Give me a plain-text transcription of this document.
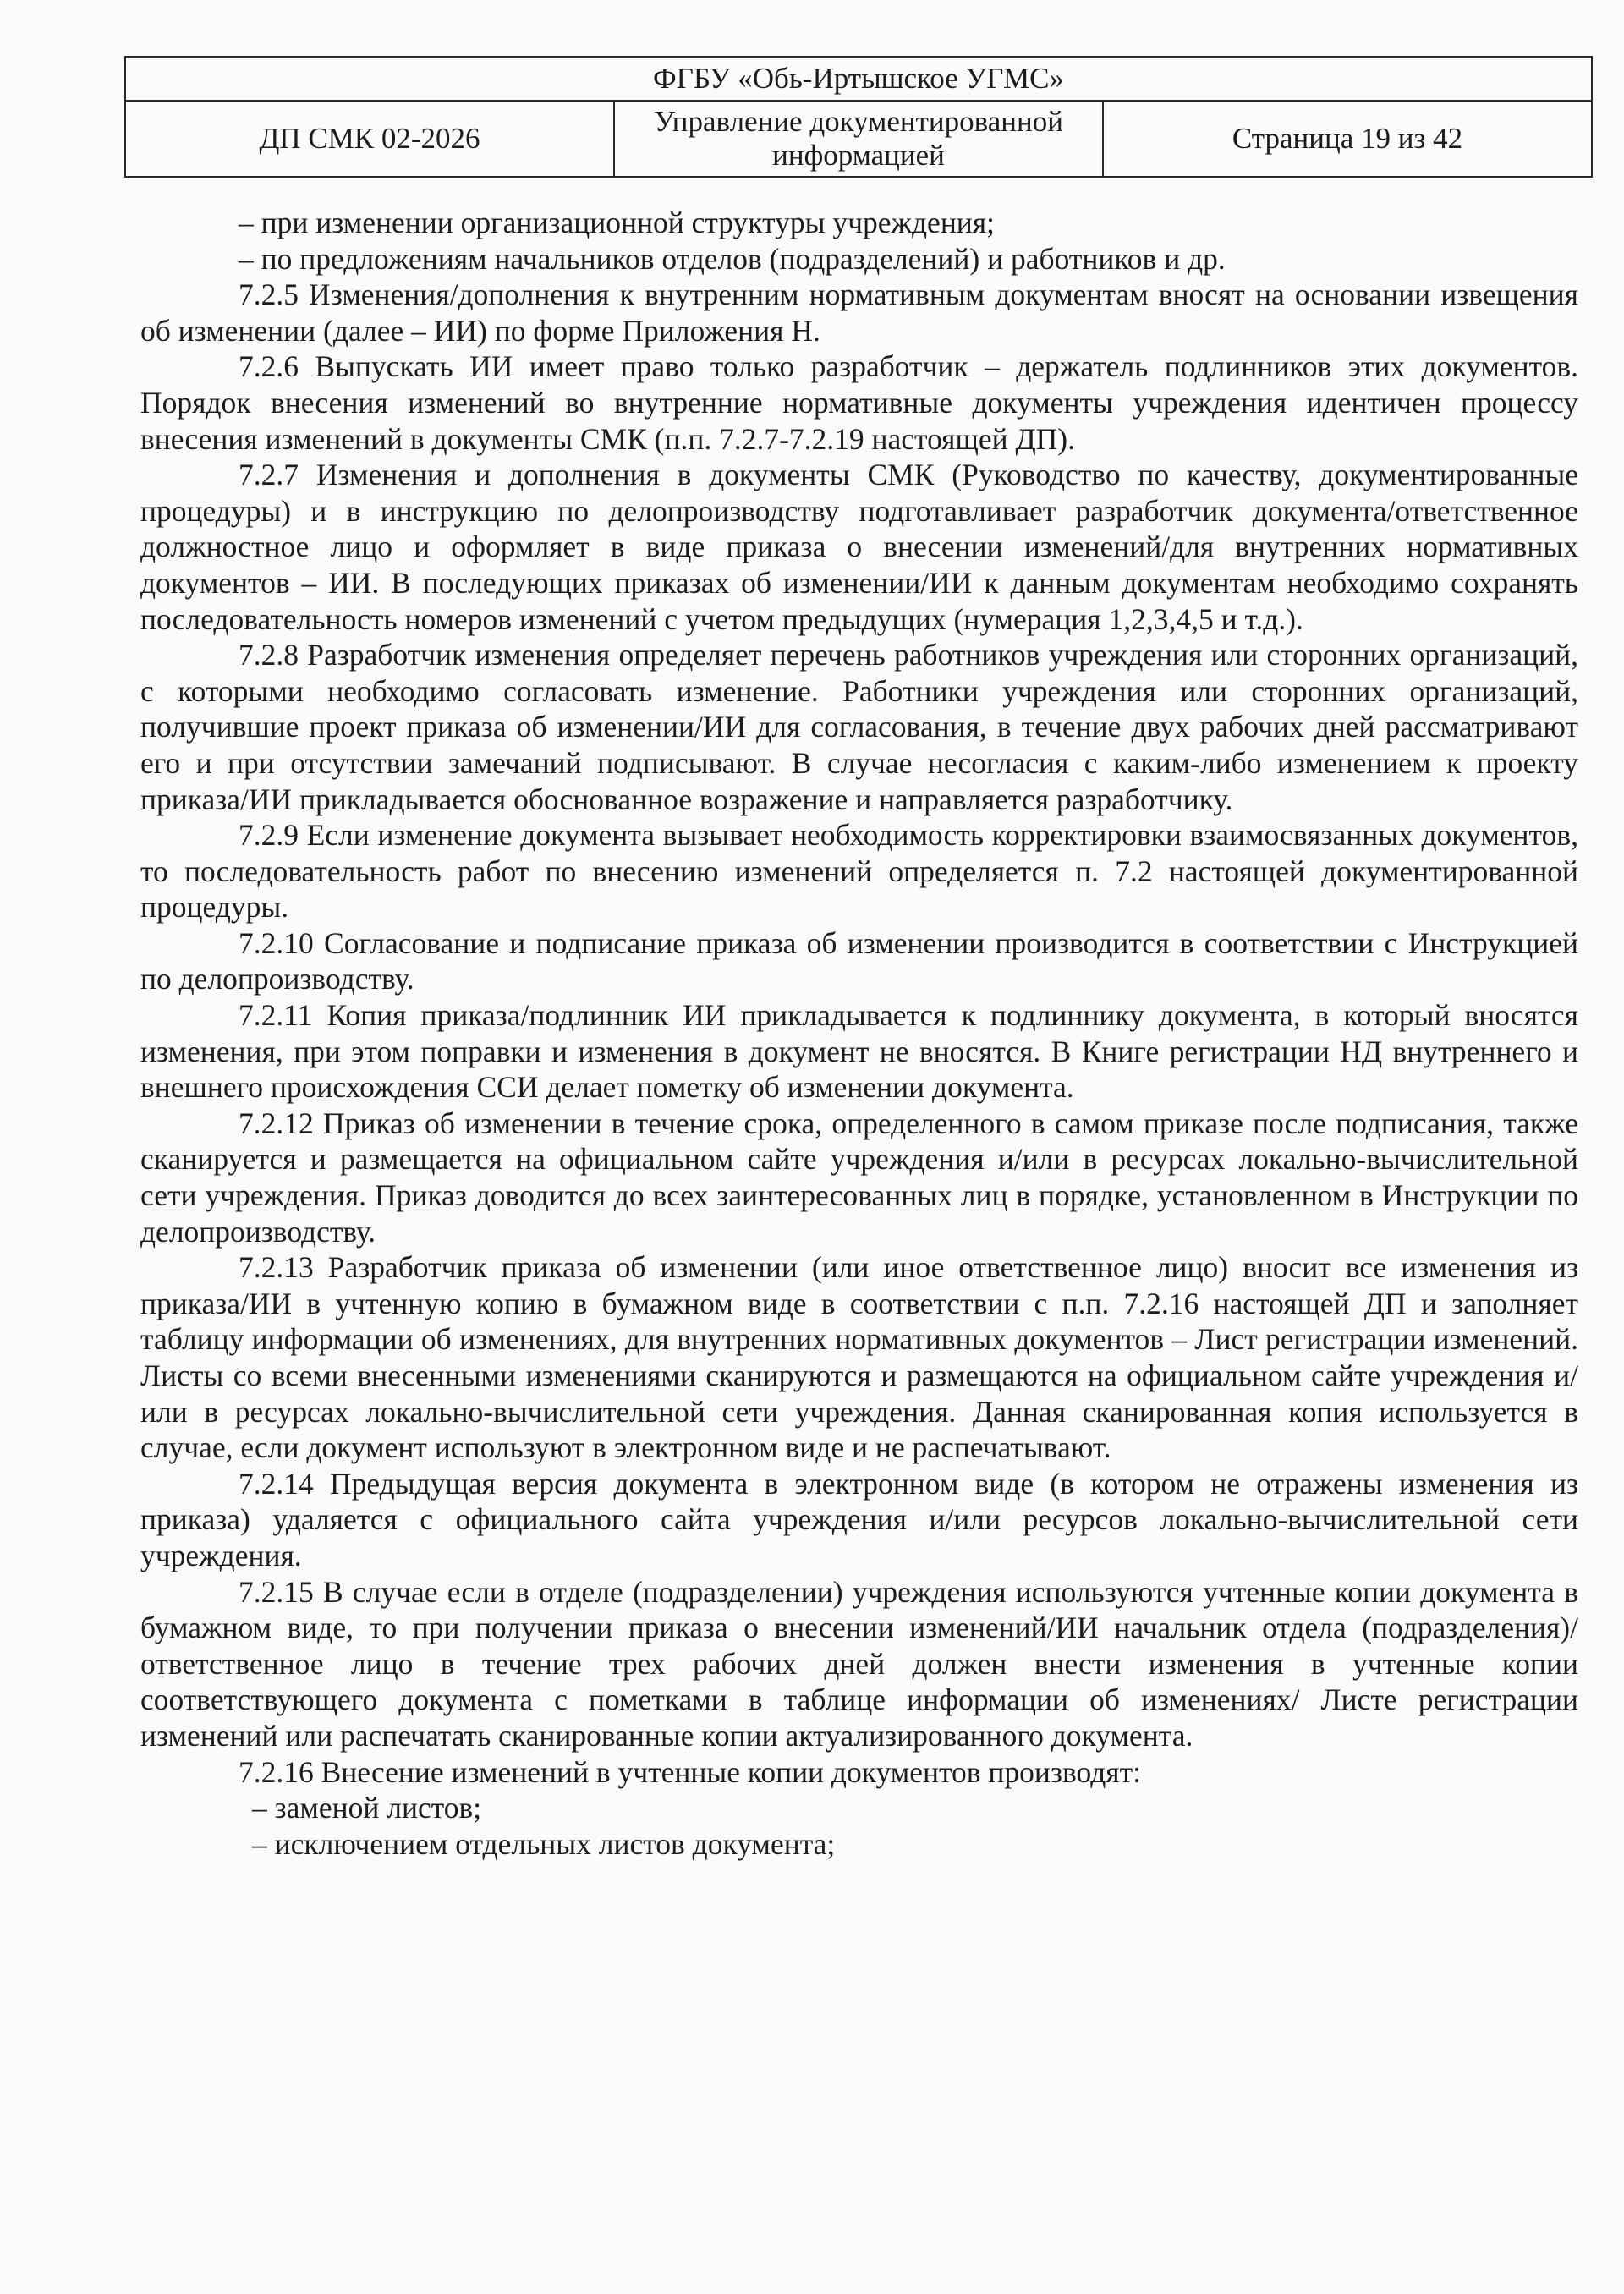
ФГБУ «Обь-Иртышское УГМС»
ДП СМК 02-2026	Управление документированной информацией	Страница 19 из 42

– при изменении организационной структуры учреждения;

– по предложениям начальников отделов (подразделений) и работников и др.

7.2.5 Изменения/дополнения к внутренним нормативным документам вносят на основании извещения об изменении (далее – ИИ) по форме Приложения Н.

7.2.6 Выпускать ИИ имеет право только разработчик – держатель подлинников этих документов. Порядок внесения изменений во внутренние нормативные документы учреждения идентичен процессу внесения изменений в документы СМК (п.п. 7.2.7-7.2.19 настоящей ДП).

7.2.7 Изменения и дополнения в документы СМК (Руководство по качеству, документированные процедуры) и в инструкцию по делопроизводству подготавливает разработчик документа/ответственное должностное лицо и оформляет в виде приказа о внесении изменений/для внутренних нормативных документов – ИИ. В последующих приказах об изменении/ИИ к данным документам необходимо сохранять последовательность номеров изменений с учетом предыдущих (нумерация 1,2,3,4,5 и т.д.).

7.2.8 Разработчик изменения определяет перечень работников учреждения или сторонних организаций, с которыми необходимо согласовать изменение. Работники учреждения или сторонних организаций, получившие проект приказа об изменении/ИИ для согласования, в течение двух рабочих дней рассматривают его и при отсутствии замечаний подписывают. В случае несогласия с каким-либо изменением к проекту приказа/ИИ прикладывается обоснованное возражение и направляется разработчику.

7.2.9 Если изменение документа вызывает необходимость корректировки взаимосвязанных документов, то последовательность работ по внесению изменений определяется п. 7.2 настоящей документированной процедуры.

7.2.10 Согласование и подписание приказа об изменении производится в соответствии с Инструкцией по делопроизводству.

7.2.11 Копия приказа/подлинник ИИ прикладывается к подлиннику документа, в который вносятся изменения, при этом поправки и изменения в документ не вносятся. В Книге регистрации НД внутреннего и внешнего происхождения ССИ делает пометку об изменении документа.

7.2.12 Приказ об изменении в течение срока, определенного в самом приказе после подписания, также сканируется и размещается на официальном сайте учреждения и/или в ресурсах локально-вычислительной сети учреждения. Приказ доводится до всех заинтересованных лиц в порядке, установленном в Инструкции по делопроизводству.

7.2.13 Разработчик приказа об изменении (или иное ответственное лицо) вносит все изменения из приказа/ИИ в учтенную копию в бумажном виде в соответствии с п.п. 7.2.16 настоящей ДП и заполняет таблицу информации об изменениях, для внутренних нормативных документов – Лист регистрации изменений. Листы со всеми внесенными изменениями сканируются и размещаются на официальном сайте учреждения и/или в ресурсах локально-вычислительной сети учреждения. Данная сканированная копия используется в случае, если документ используют в электронном виде и не распечатывают.

7.2.14 Предыдущая версия документа в электронном виде (в котором не отражены изменения из приказа) удаляется с официального сайта учреждения и/или ресурсов локально-вычислительной сети учреждения.

7.2.15 В случае если в отделе (подразделении) учреждения используются учтенные копии документа в бумажном виде, то при получении приказа о внесении изменений/ИИ начальник отдела (подразделения)/ ответственное лицо в течение трех рабочих дней должен внести изменения в учтенные копии соответствующего документа с пометками в таблице информации об изменениях/ Листе регистрации изменений или распечатать сканированные копии актуализированного документа.

7.2.16 Внесение изменений в учтенные копии документов производят:

– заменой листов;

– исключением отдельных листов документа;
